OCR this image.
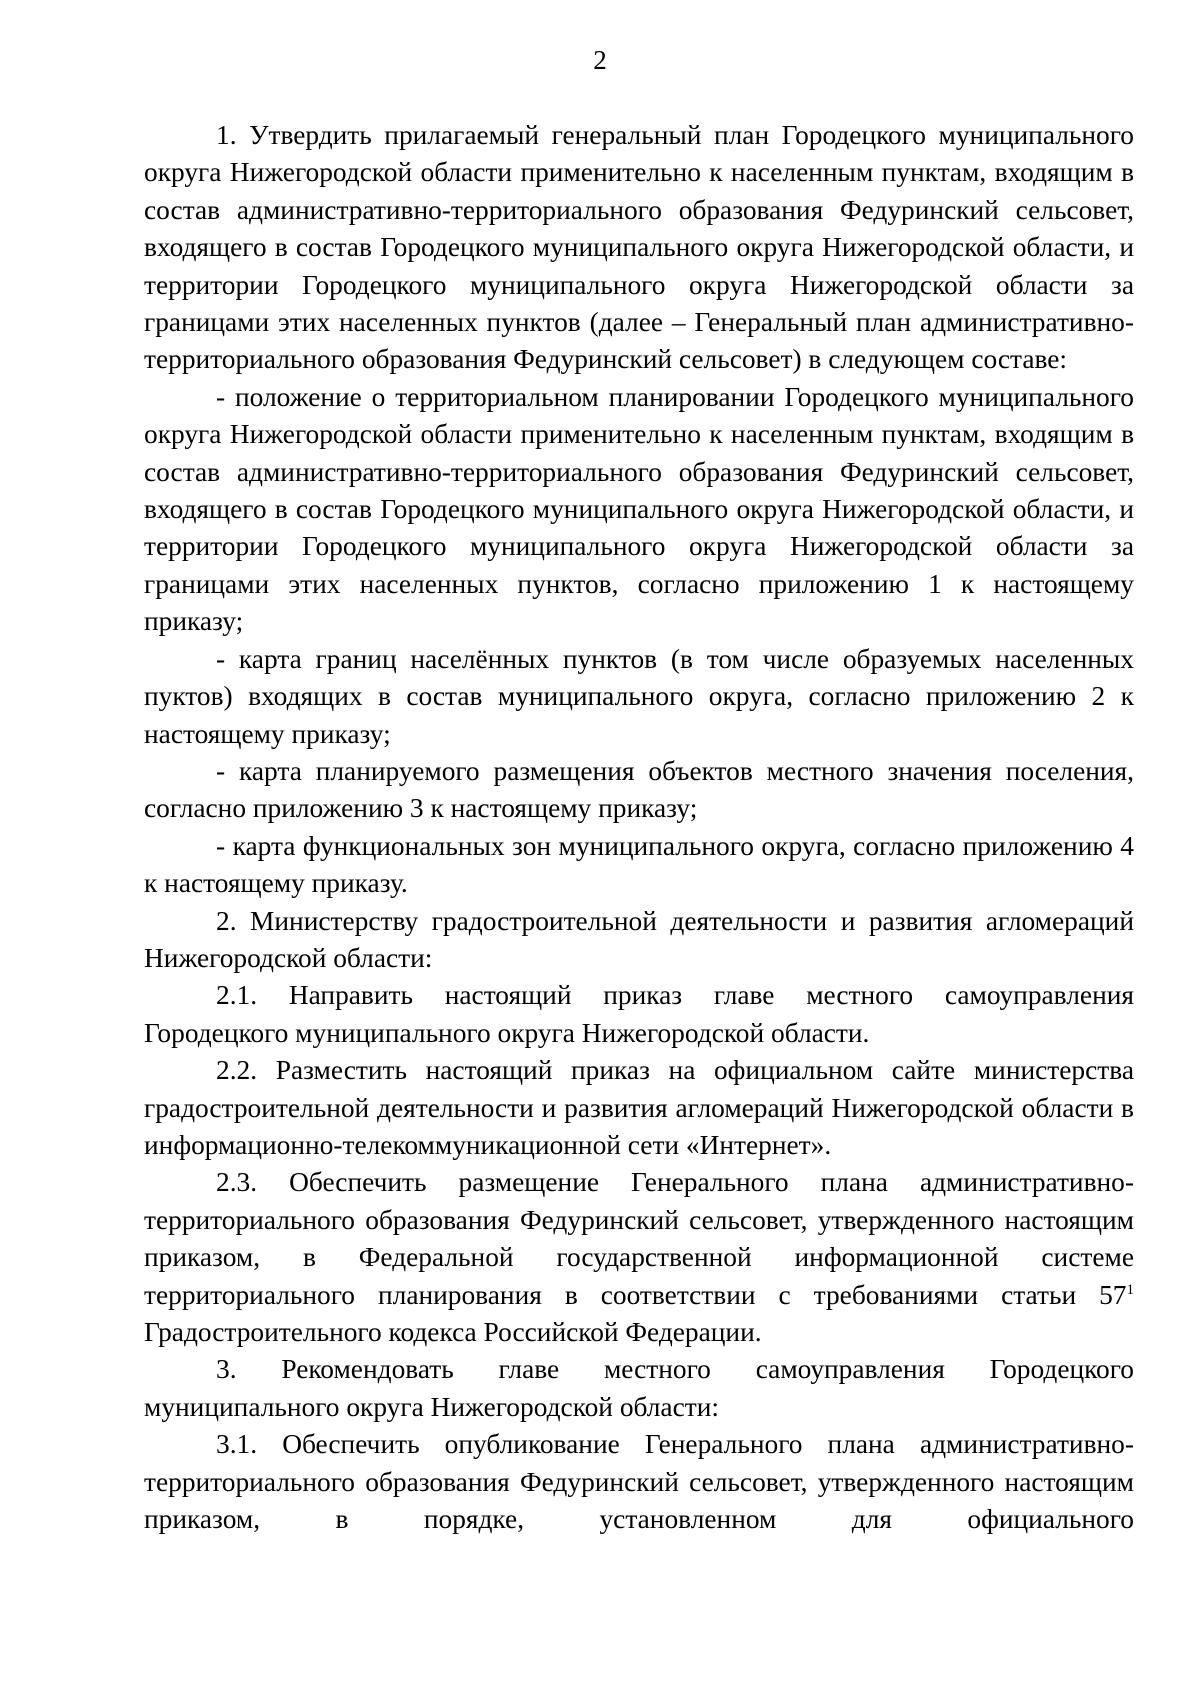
2

1. Утвердить прилагаемый генеральный план Городецкого муниципального округа Нижегородской области применительно к населенным пунктам, входящим в состав административно-территориального образования Федуринский сельсовет, входящего в состав Городецкого муниципального округа Нижегородской области, и территории Городецкого муниципального округа Нижегородской области за границами этих населенных пунктов (далее – Генеральный план административно-территориального образования Федуринский сельсовет) в следующем составе:

- положение о территориальном планировании Городецкого муниципального округа Нижегородской области применительно к населенным пунктам, входящим в состав административно-территориального образования Федуринский сельсовет, входящего в состав Городецкого муниципального округа Нижегородской области, и территории Городецкого муниципального округа Нижегородской области за границами этих населенных пунктов, согласно приложению 1 к настоящему приказу;

- карта границ населённых пунктов (в том числе образуемых населенных пуктов) входящих в состав муниципального округа, согласно приложению 2 к настоящему приказу;

- карта планируемого размещения объектов местного значения поселения, согласно приложению 3 к настоящему приказу;

- карта функциональных зон муниципального округа, согласно приложению 4 к настоящему приказу.

2. Министерству градостроительной деятельности и развития агломераций Нижегородской области:

2.1. Направить настоящий приказ главе местного самоуправления Городецкого муниципального округа Нижегородской области.

2.2. Разместить настоящий приказ на официальном сайте министерства градостроительной деятельности и развития агломераций Нижегородской области в информационно-телекоммуникационной сети «Интернет».

2.3. Обеспечить размещение Генерального плана административно-территориального образования Федуринский сельсовет, утвержденного настоящим приказом, в Федеральной государственной информационной системе территориального планирования в соответствии с требованиями статьи $57^1$ Градостроительного кодекса Российской Федерации.

3. Рекомендовать главе местного самоуправления Городецкого муниципального округа Нижегородской области:

3.1. Обеспечить опубликование Генерального плана административно-территориального образования Федуринский сельсовет, утвержденного настоящим приказом, в порядке, установленном для официального
